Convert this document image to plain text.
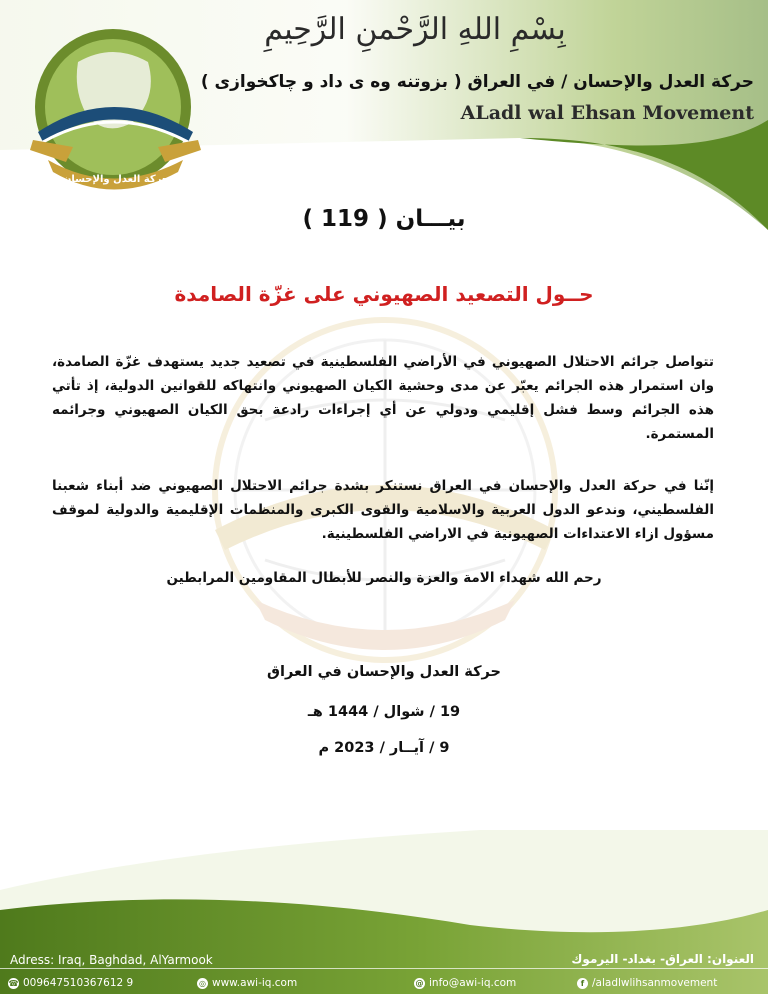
حركة العدل والإحسان
بِسْمِ اللهِ الرَّحْمنِ الرَّحِيمِ
حركة العدل والإحسان / في العراق ( بزوتنه وه ى داد و چاكخوازى )
ALadl wal Ehsan Movement
بيـــان ( 119 )
حــول التصعيد الصهيوني على غزّة الصامدة
تتواصل جرائم الاحتلال الصهيوني في الأراضي الفلسطينية في تصعيد جديد يستهدف غزّة الصامدة، وان استمرار هذه الجرائم يعبّر عن مدى وحشية الكيان الصهيوني وانتهاكه للقوانين الدولية، إذ تأتي هذه الجرائم وسط فشل إقليمي ودولي عن أي إجراءات رادعة بحق الكيان الصهيوني وجرائمه المستمرة.
إنّنا في حركة العدل والإحسان في العراق نستنكر بشدة جرائم الاحتلال الصهيوني ضد أبناء شعبنا الفلسطيني، وندعو الدول العربية والاسلامية والقوى الكبرى والمنظمات الإقليمية والدولية لموقف مسؤول ازاء الاعتداءات الصهيونية في الاراضي الفلسطينية.
رحم الله شهداء الامة والعزة والنصر للأبطال المقاومين المرابطين
حركة العدل والإحسان في العراق
19 / شوال / 1444 هـ
9 / آيــار / 2023 م
Adress: Iraq, Baghdad, AlYarmook	العنوان: العراق- بغداد- اليرموك
☎ 009647510367612 9	◎ www.awi-iq.com	@ info@awi-iq.com	f /aladlwlihsanmovement
